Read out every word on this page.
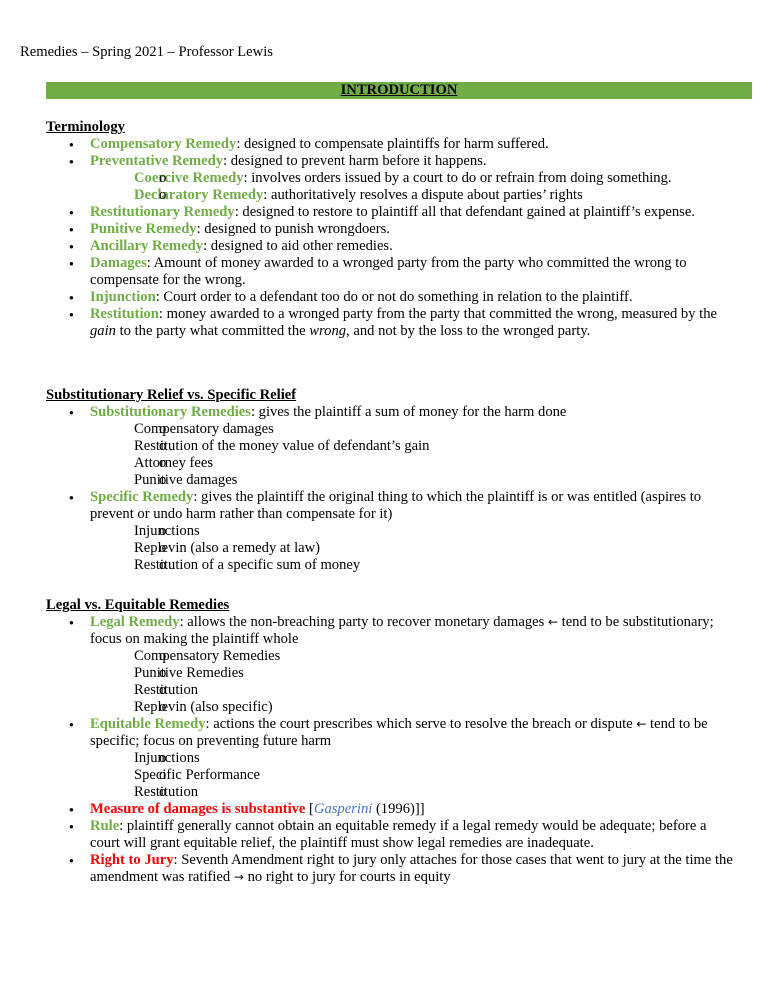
Remedies – Spring 2021 – Professor Lewis
INTRODUCTION
Terminology
● Compensatory Remedy: designed to compensate plaintiffs for harm suffered.
● Preventative Remedy: designed to prevent harm before it happens.
o Coercive Remedy: involves orders issued by a court to do or refrain from doing something.
o Declaratory Remedy: authoritatively resolves a dispute about parties’ rights
● Restitutionary Remedy: designed to restore to plaintiff all that defendant gained at plaintiff’s expense.
● Punitive Remedy: designed to punish wrongdoers.
● Ancillary Remedy: designed to aid other remedies.
● Damages: Amount of money awarded to a wronged party from the party who committed the wrong to compensate for the wrong.
● Injunction: Court order to a defendant too do or not do something in relation to the plaintiff.
● Restitution: money awarded to a wronged party from the party that committed the wrong, measured by the gain to the party what committed the wrong, and not by the loss to the wronged party.
Substitutionary Relief vs. Specific Relief
● Substitutionary Remedies: gives the plaintiff a sum of money for the harm done
o Compensatory damages
o Restitution of the money value of defendant’s gain
o Attorney fees
o Punitive damages
● Specific Remedy: gives the plaintiff the original thing to which the plaintiff is or was entitled (aspires to prevent or undo harm rather than compensate for it)
o Injunctions
o Replevin (also a remedy at law)
o Restitution of a specific sum of money
Legal vs. Equitable Remedies
● Legal Remedy: allows the non-breaching party to recover monetary damages ← tend to be substitutionary; focus on making the plaintiff whole
o Compensatory Remedies
o Punitive Remedies
o Restitution
o Replevin (also specific)
● Equitable Remedy: actions the court prescribes which serve to resolve the breach or dispute ← tend to be specific; focus on preventing future harm
o Injunctions
o Specific Performance
o Restitution
● Measure of damages is substantive [Gasperini (1996)]]
● Rule: plaintiff generally cannot obtain an equitable remedy if a legal remedy would be adequate; before a court will grant equitable relief, the plaintiff must show legal remedies are inadequate.
● Right to Jury: Seventh Amendment right to jury only attaches for those cases that went to jury at the time the amendment was ratified → no right to jury for courts in equity
